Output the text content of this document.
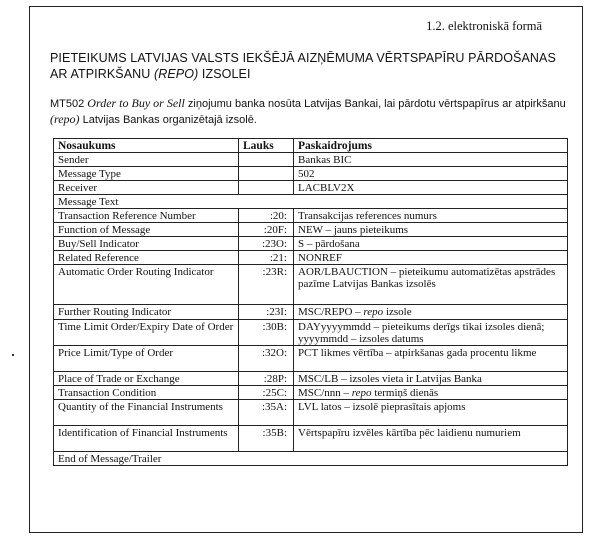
1.2. elektroniskā formā
PIETEIKUMS LATVIJAS VALSTS IEKŠĒJĀ AIZŅĒMUMA VĒRTSPAPĪRU PĀRDOŠANAS AR ATPIRKŠANU (REPO) IZSOLEI
MT502 Order to Buy or Sell ziņojumu banka nosūta Latvijas Bankai, lai pārdotu vērtspapīrus ar atpirkšanu (repo) Latvijas Bankas organizētajā izsolē.
Nosaukums	Lauks	Paskaidrojums
Sender		Bankas BIC
Message Type		502
Receiver		LACBLV2X
Message Text		
Transaction Reference Number	:20:	Transakcijas references numurs
Function of Message	:20F:	NEW – jauns pieteikums
Buy/Sell Indicator	:23O:	S – pārdošana
Related Reference	:21:	NONREF
Automatic Order Routing Indicator	:23R:	AOR/LBAUCTION – pieteikumu automatizētas apstrādes pazīme Latvijas Bankas izsolēs
Further Routing Indicator	:23I:	MSC/REPO – repo izsole
Time Limit Order/Expiry Date of Order	:30B:	DAYyyyymmdd – pieteikums derīgs tikai izsoles dienā; yyyymmdd – izsoles datums
Price Limit/Type of Order	:32O:	PCT likmes vērtība – atpirkšanas gada procentu likme
Place of Trade or Exchange	:28P:	MSC/LB – izsoles vieta ir Latvijas Banka
Transaction Condition	:25C:	MSC/nnn – repo termiņš dienās
Quantity of the Financial Instruments	:35A:	LVL latos – izsolē pieprasītais apjoms
Identification of Financial Instruments	:35B:	Vērtspapīru izvēles kārtība pēc laidienu numuriem
End of Message/Trailer		
